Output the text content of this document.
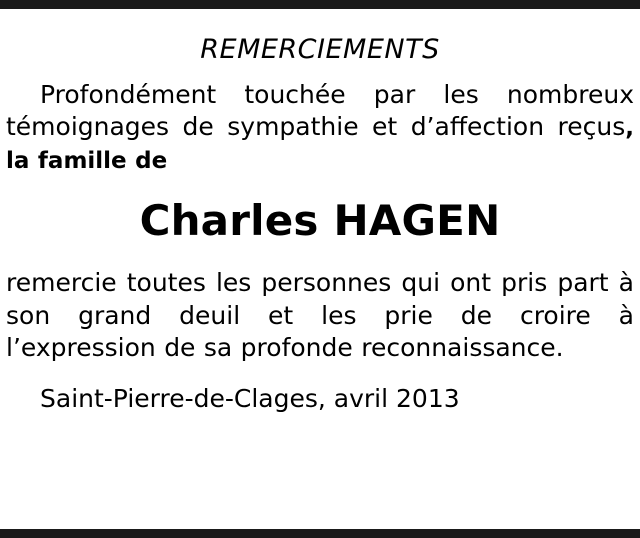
REMERCIEMENTS

Profondément touchée par les nombreux témoignages de sympathie et d’affection reçus, la famille de

Charles HAGEN

remercie toutes les personnes qui ont pris part à son grand deuil et les prie de croire à l’expression de sa profonde reconnaissance.

Saint-Pierre-de-Clages, avril 2013
